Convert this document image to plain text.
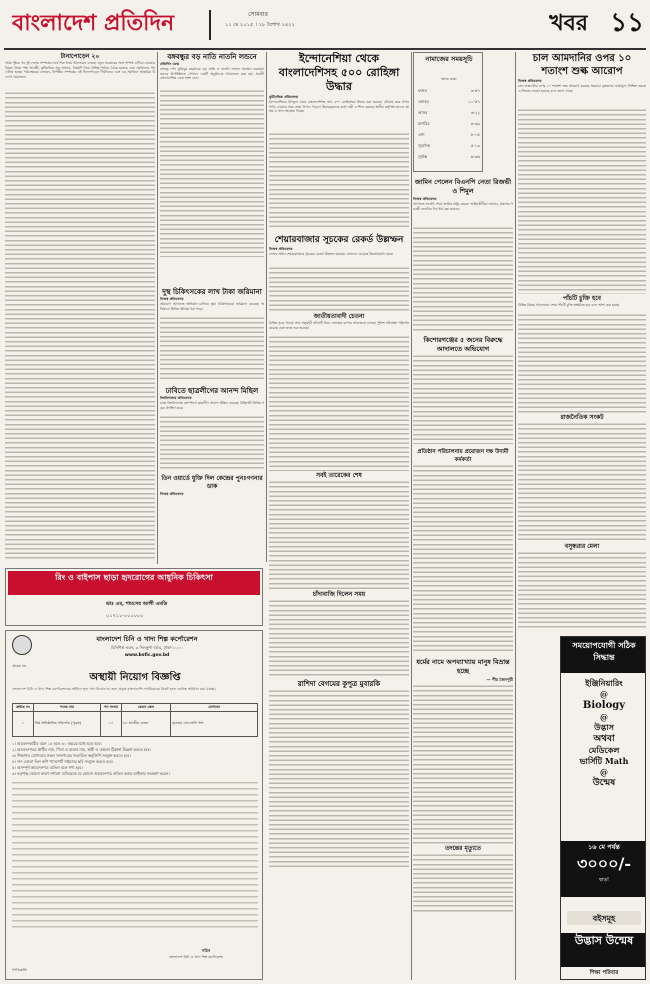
বাংলাদেশ প্রতিদিন	সোমবার
১১ মে ২০১৫ । ২৮ বৈশাখ ১৪২২	খবর ১১
টানাপোড়েন ২০
প্রথম পৃষ্ঠার পর দুই দেশের সম্পর্কের নানা দিক নিয়ে আলোচনা চলছে। নতুন সরকারের সঙ্গে সম্পর্ক এগিয়ে নেওয়ার বিষয়ে উভয় পক্ষ আগ্রহী। কূটনৈতিক সূত্র জানায়, বিষয়টি নিয়ে বিভিন্ন পর্যায়ে বৈঠক হয়েছে এবং সমাধানের পথ খোঁজা হচ্ছে। পর্যবেক্ষকরা বলছেন, দ্বিপক্ষীয় সম্পর্কের এই টানাপোড়েন দীর্ঘদিনের এবং এর সমাধানে আন্তরিক উদ্যোগ প্রয়োজন।
বঙ্গবন্ধুর বড় নাতি নাতনি লন্ডনে
প্রতিদিন ডেস্ক
বঙ্গবন্ধু শেখ মুজিবুর রহমানের বড় নাতি ও নাতনি লন্ডনে অবস্থান করছেন। তাদের উপস্থিতিতে সেখানে একটি অনুষ্ঠানের আয়োজন করা হয়। প্রবাসী বাংলাদেশিরা এতে অংশ নেন।
দুস্থ চিকিৎসকের লাখ টাকা জরিমানা
নিজস্ব প্রতিবেদক
ভ্রাম্যমাণ আদালত অভিযান চালিয়ে ভুয়া চিকিৎসককে জরিমানা করেছে। অভিযানে বিভিন্ন অনিয়ম ধরা পড়ে।
ঢাবিতে ছাত্রলীগের আনন্দ মিছিল
বিশ্ববিদ্যালয় প্রতিবেদক
ঢাকা বিশ্ববিদ্যালয় ক্যাম্পাসে ছাত্রলীগ আনন্দ মিছিল করেছে। মিছিলটি বিভিন্ন সড়ক প্রদক্ষিণ করে।
তিন ওয়ার্ডে যুক্তি দিল কেন্দ্রের পুনঃগণনার ডাক
নিজস্ব প্রতিবেদক
রিং ও বাইপাস ছাড়া হৃদরোগের আধুনিক চিকিৎসা
ডাঃ এম, শামসের আলী এমডি
০১৭১১-০০০০০০
বাংলাদেশ চিনি ও খাদ্য শিল্প কর্পোরেশন
চিনিশিল্প ভবন, ৩ দিলকুশা বা/এ, ঢাকা-১০০০
www.bsfic.gov.bd
স্মারক নং-
অস্থায়ী নিয়োগ বিজ্ঞপ্তি
বাংলাদেশ চিনি ও খাদ্য শিল্প কর্পোরেশনের অধীনে শূন্য পদে নিয়োগের জন্য প্রকৃত বাংলাদেশি নাগরিকদের নিকট হতে দরখাস্ত আহ্বান করা যাচ্ছে।
ক্রমিক নং	পদের নাম	পদ সংখ্যা	বেতন স্কেল	যোগ্যতা
১	নিম্ন প্রতিষ্ঠানিক পরিদর্শক (পুরুষ)	১০	৮৮ জাতীয় বেতন	ন্যূনতম এসএসসি পাশ
১। আবেদনকারীর বয়স ১৮ হতে ৩০ বছরের মধ্যে হতে হবে।
২। আবেদনপত্রে প্রার্থীর নাম, পিতা ও মাতার নাম, স্থায়ী ও বর্তমান ঠিকানা উল্লেখ করতে হবে।
৩। শিক্ষাগত যোগ্যতার সকল সনদপত্রের সত্যায়িত অনুলিপি সংযুক্ত করতে হবে।
৪। সদ্য তোলা তিন কপি পাসপোর্ট সাইজের ছবি সংযুক্ত করতে হবে।
৫। অসম্পূর্ণ আবেদনপত্র বাতিল বলে গণ্য হবে।
৬। কর্তৃপক্ষ কোনো কারণ দর্শানো ব্যতিরেকে যে কোনো আবেদনপত্র বাতিল করার অধিকার সংরক্ষণ করেন।
সচিব
বাংলাদেশ চিনি ও খাদ্য শিল্প কর্পোরেশন
গণবিজ্ঞপ্তি
ইন্দোনেশিয়া থেকে বাংলাদেশিসহ ৫০০ রোহিঙ্গা উদ্ধার
কূটনৈতিক প্রতিবেদক
ইন্দোনেশিয়ার উপকূল থেকে বাংলাদেশিসহ প্রায় ৫০০ রোহিঙ্গাকে উদ্ধার করা হয়েছে। নৌকায় করে সাগর পাড়ি দেওয়ার সময় তারা বিপদে পড়েন। উদ্ধারকৃতদের মধ্যে নারী ও শিশু রয়েছে। স্থানীয় কর্তৃপক্ষ তাদের আশ্রয় ও খাদ্য সহায়তা দিচ্ছে।
শেয়ারবাজার সূচকের রেকর্ড উল্লম্ফন
নিজস্ব প্রতিবেদক
দেশের প্রধান শেয়ারবাজারে সূচকের রেকর্ড উল্লম্ফন হয়েছে। লেনদেন বেড়েছে উল্লেখযোগ্য হারে।
জাতীয়তাবাদী চেতনা
বিভিন্ন সূত্রে পাওয়া তথ্য অনুযায়ী ঘটনাটি নিয়ে এলাকায় ব্যাপক আলোচনা চলছে। পুলিশ ঘটনাস্থল পরিদর্শন করেছে এবং তদন্ত শুরু হয়েছে।
সবই তারেকের শেষ
চাঁদাবাজি দিলেন সময়
রাশিদা বেগমের কুপুত্র মুবারকি
নামাজের সময়সূচি
আজ ঢাকা
ফজর	৩-৫৭
জোহর	১১-৫৭
আসর	৩-২২
মাগরিব	৬-৩৯
এশা	৮-০৫
সূর্যোদয়	৫-১৯
সূর্যাস্ত	৬-৩৬
জামিন পেলেন বিএনপি নেতা রিজভী ও শিমুল
নিজস্ব প্রতিবেদক
আদালত শুনানি শেষে জামিন মঞ্জুর করেন। আইনজীবীরা জানান, মামলার পরবর্তী শুনানির দিন ধার্য করা হয়েছে।
কিশোরগঞ্জের ৫ জনের বিরুদ্ধে আদালতে অভিযোগ
প্রতিষ্ঠান পরিচালনায় প্রয়োজন দক্ষ উদ্যমী কর্মকর্তা
ধর্মের নামে অপব্যাখ্যায় মানুষ বিভ্রান্ত হচ্ছে
— পীর জৈনপুরী
তদন্তের মৃত্যুতে
চাল আমদানির ওপর ১০ শতাংশ শুল্ক আরোপ
নিজস্ব প্রতিবেদক
চাল আমদানির ওপর ১০ শতাংশ শুল্ক আরোপ করেছে সরকার। কৃষকদের ন্যায্যমূল্য নিশ্চিত করতে এ সিদ্ধান্ত নেওয়া হয়েছে বলে জানা গেছে।
পাঁচটি চুক্তি হবে
বিভিন্ন বিষয়ে আলোচনা শেষে পাঁচটি চুক্তি স্বাক্ষরিত হবে বলে আশা করা হচ্ছে।
রাজনৈতিক সংকট
বসুন্ধরার মেলা
সময়োপযোগী সঠিক সিদ্ধান্ত
ইঞ্জিনিয়ারিং
@
Biology
@
উদ্ভাস
অথবা
মেডিকেল
ভার্সিটি Math
@
উন্মেষ
১৬ মে পর্যন্ত
৩০০০/-
ছাড়!
বইসমূহ
উদ্ভাস উন্মেষ
শিক্ষা পরিবার
